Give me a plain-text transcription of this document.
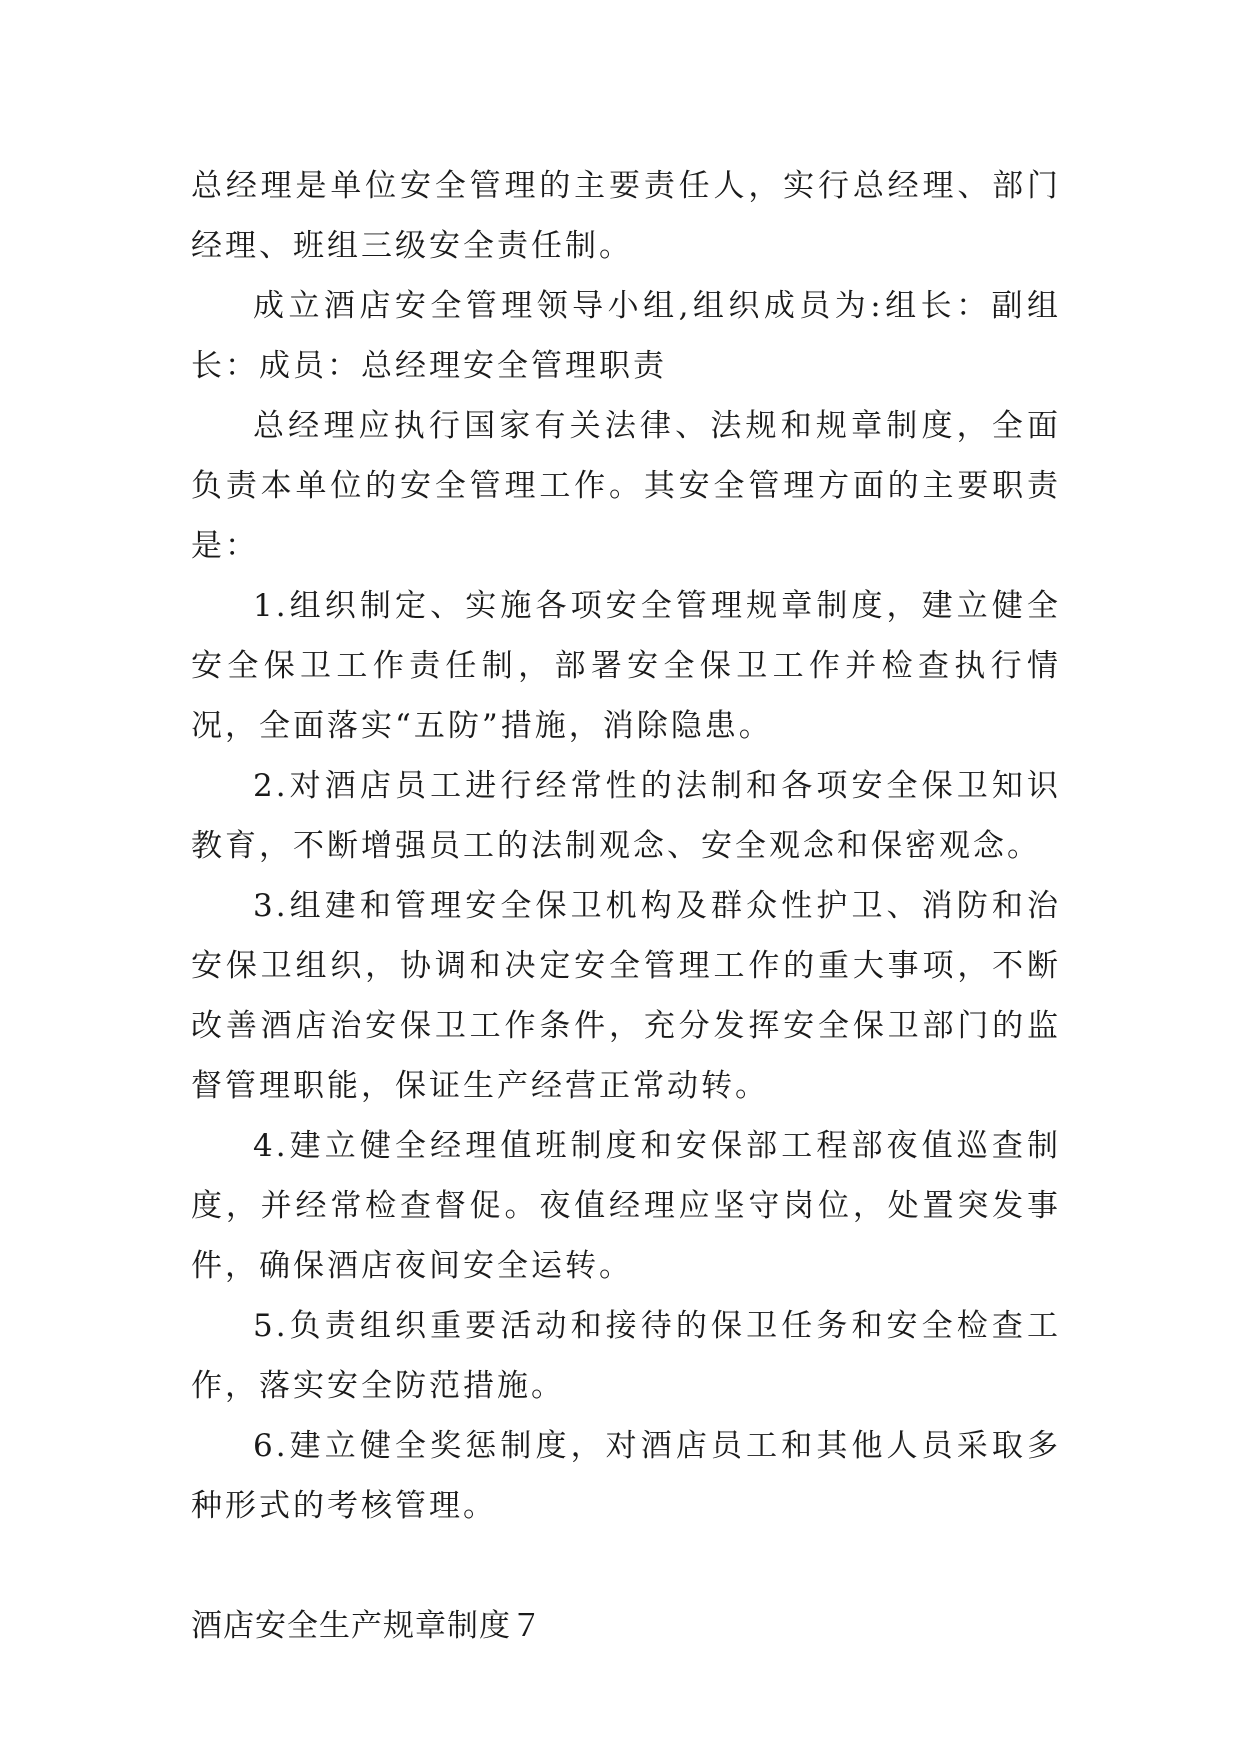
总经理是单位安全管理的主要责任人，实行总经理、部门经理、班组三级安全责任制。

成立酒店安全管理领导小组,组织成员为:组长：副组长：成员：总经理安全管理职责

总经理应执行国家有关法律、法规和规章制度，全面负责本单位的安全管理工作。其安全管理方面的主要职责是：

1.组织制定、实施各项安全管理规章制度，建立健全安全保卫工作责任制，部署安全保卫工作并检查执行情况，全面落实“五防”措施，消除隐患。

2.对酒店员工进行经常性的法制和各项安全保卫知识教育，不断增强员工的法制观念、安全观念和保密观念。

3.组建和管理安全保卫机构及群众性护卫、消防和治安保卫组织，协调和决定安全管理工作的重大事项，不断改善酒店治安保卫工作条件，充分发挥安全保卫部门的监督管理职能，保证生产经营正常动转。

4.建立健全经理值班制度和安保部工程部夜值巡查制度，并经常检查督促。夜值经理应坚守岗位，处置突发事件，确保酒店夜间安全运转。

5.负责组织重要活动和接待的保卫任务和安全检查工作，落实安全防范措施。

6.建立健全奖惩制度，对酒店员工和其他人员采取多种形式的考核管理。

酒店安全生产规章制度７
